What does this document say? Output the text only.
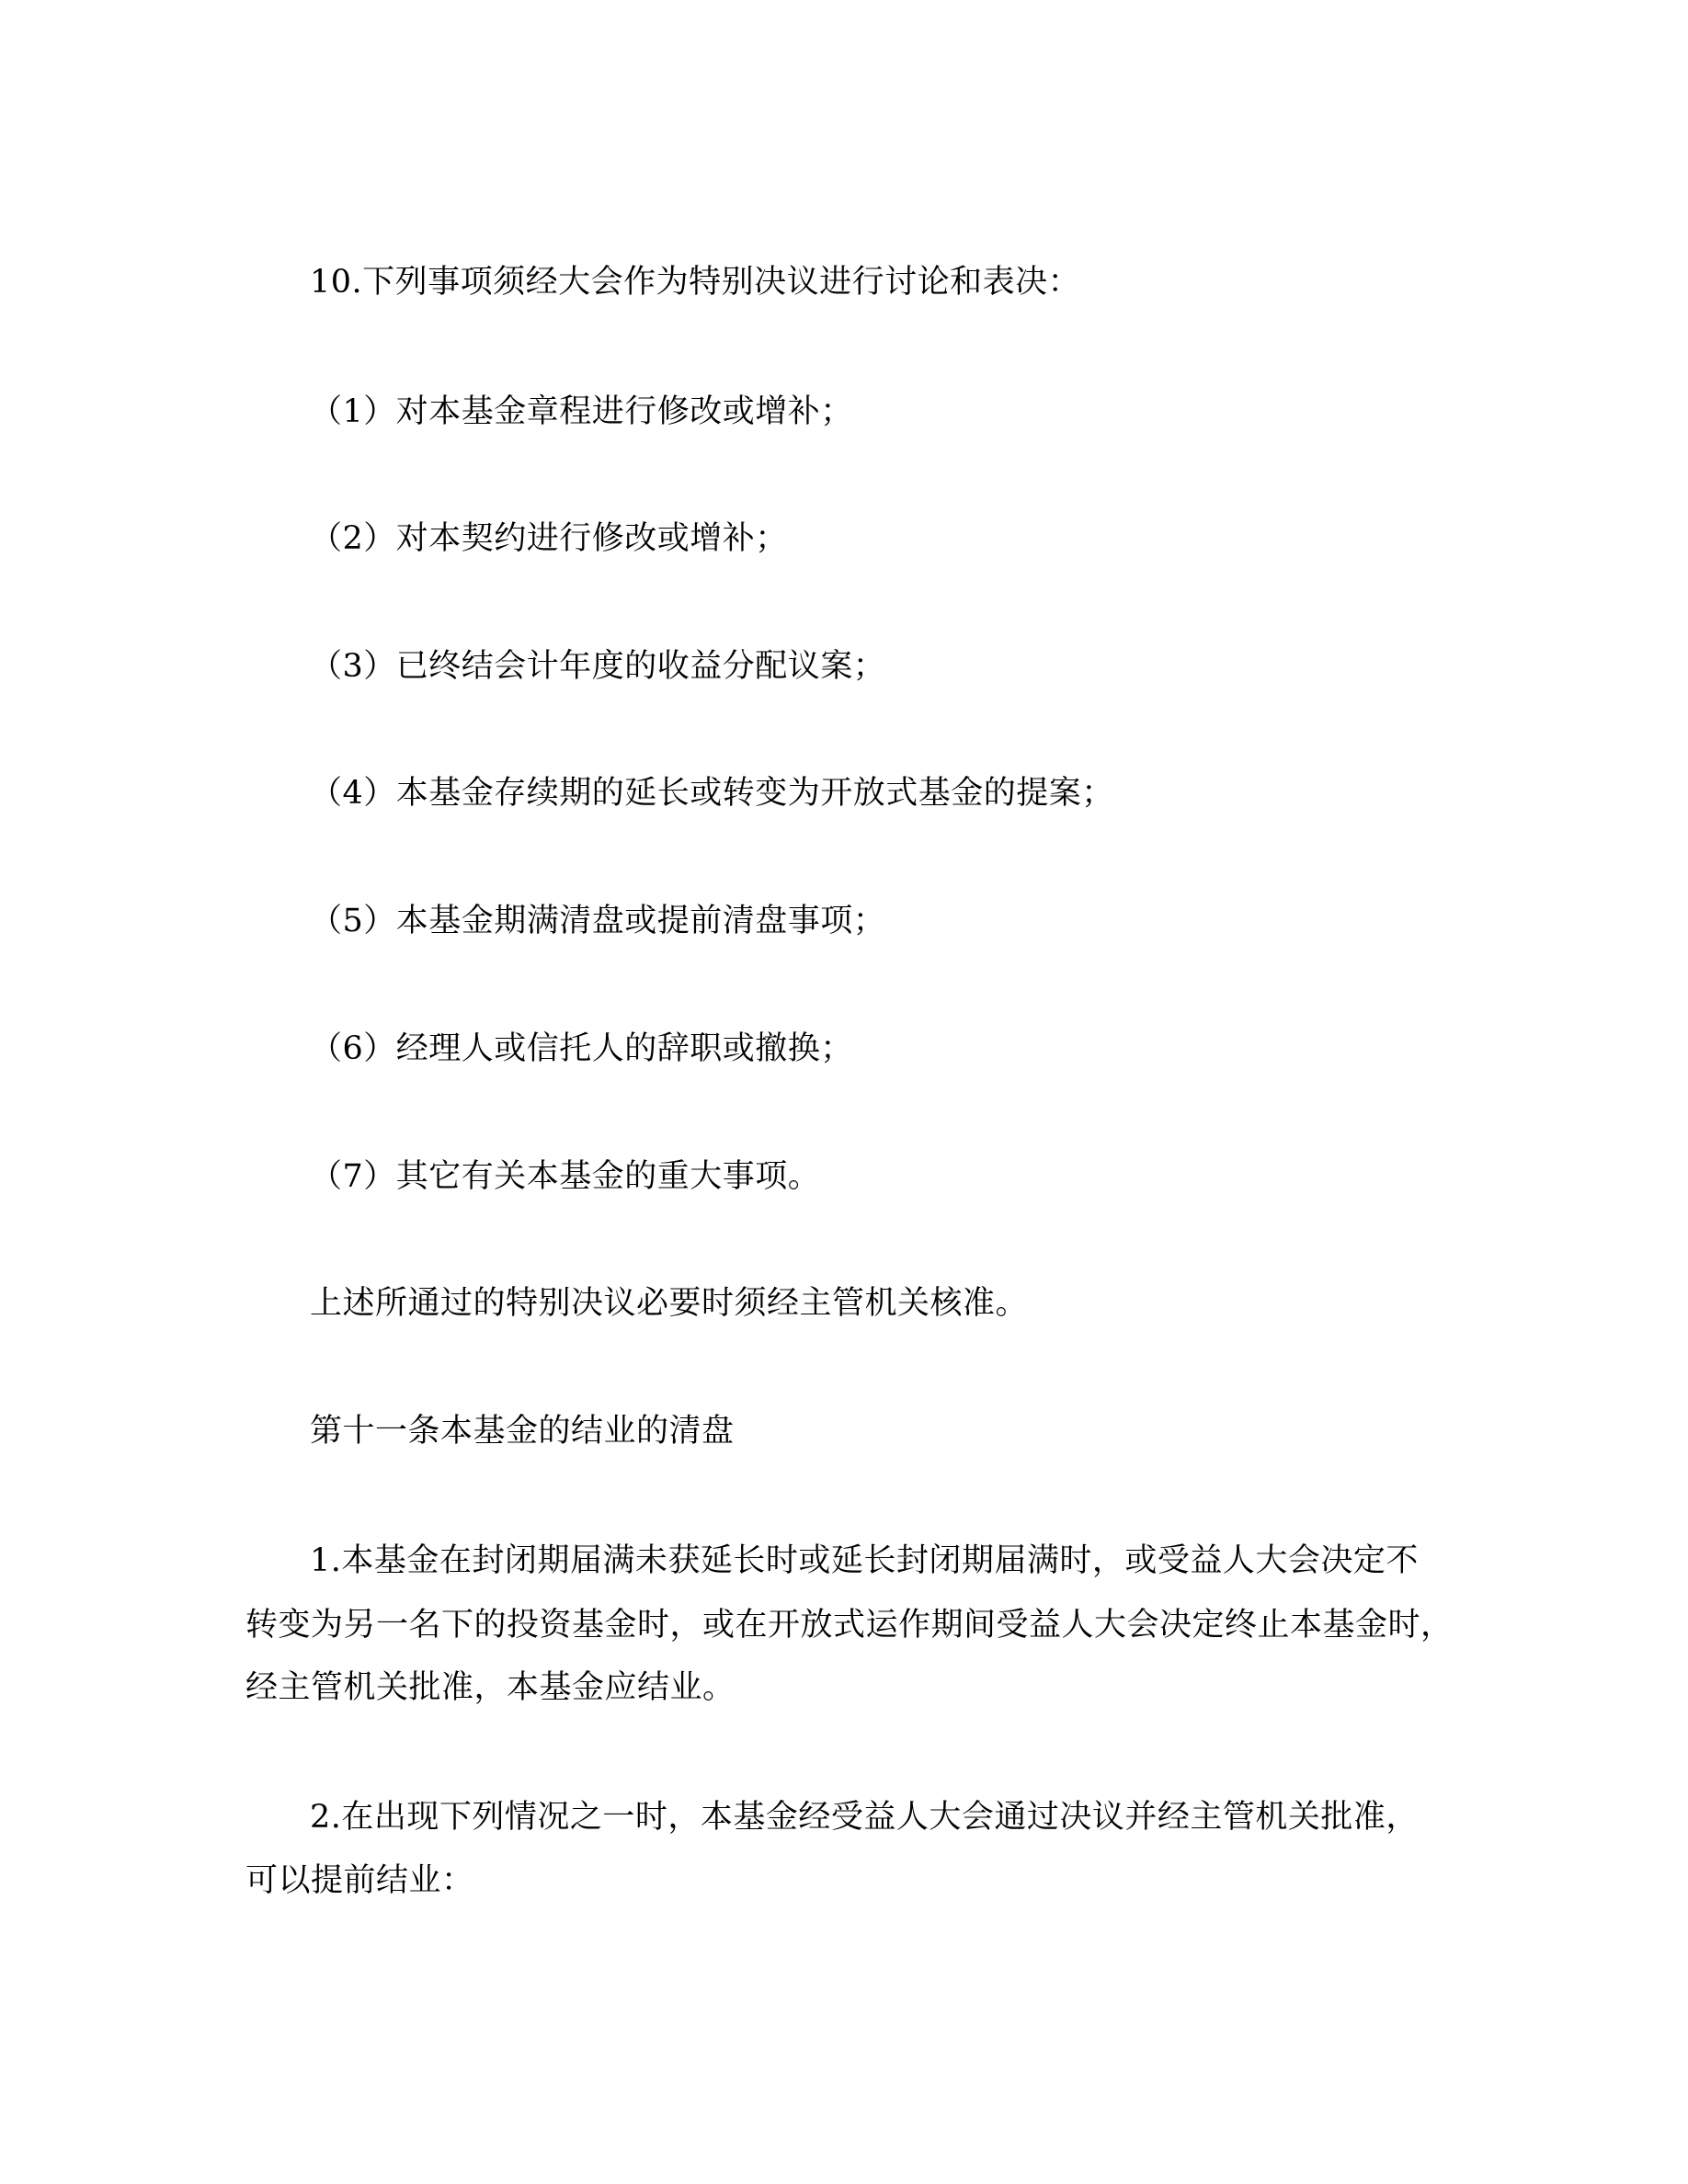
10.下列事项须经大会作为特别决议进行讨论和表决：
（1）对本基金章程进行修改或增补；
（2）对本契约进行修改或增补；
（3）已终结会计年度的收益分配议案；
（4）本基金存续期的延长或转变为开放式基金的提案；
（5）本基金期满清盘或提前清盘事项；
（6）经理人或信托人的辞职或撤换；
（7）其它有关本基金的重大事项。
上述所通过的特别决议必要时须经主管机关核准。
第十一条本基金的结业的清盘
1.本基金在封闭期届满未获延长时或延长封闭期届满时，或受益人大会决定不
转变为另一名下的投资基金时，或在开放式运作期间受益人大会决定终止本基金时，
经主管机关批准，本基金应结业。
2.在出现下列情况之一时，本基金经受益人大会通过决议并经主管机关批准，
可以提前结业：
